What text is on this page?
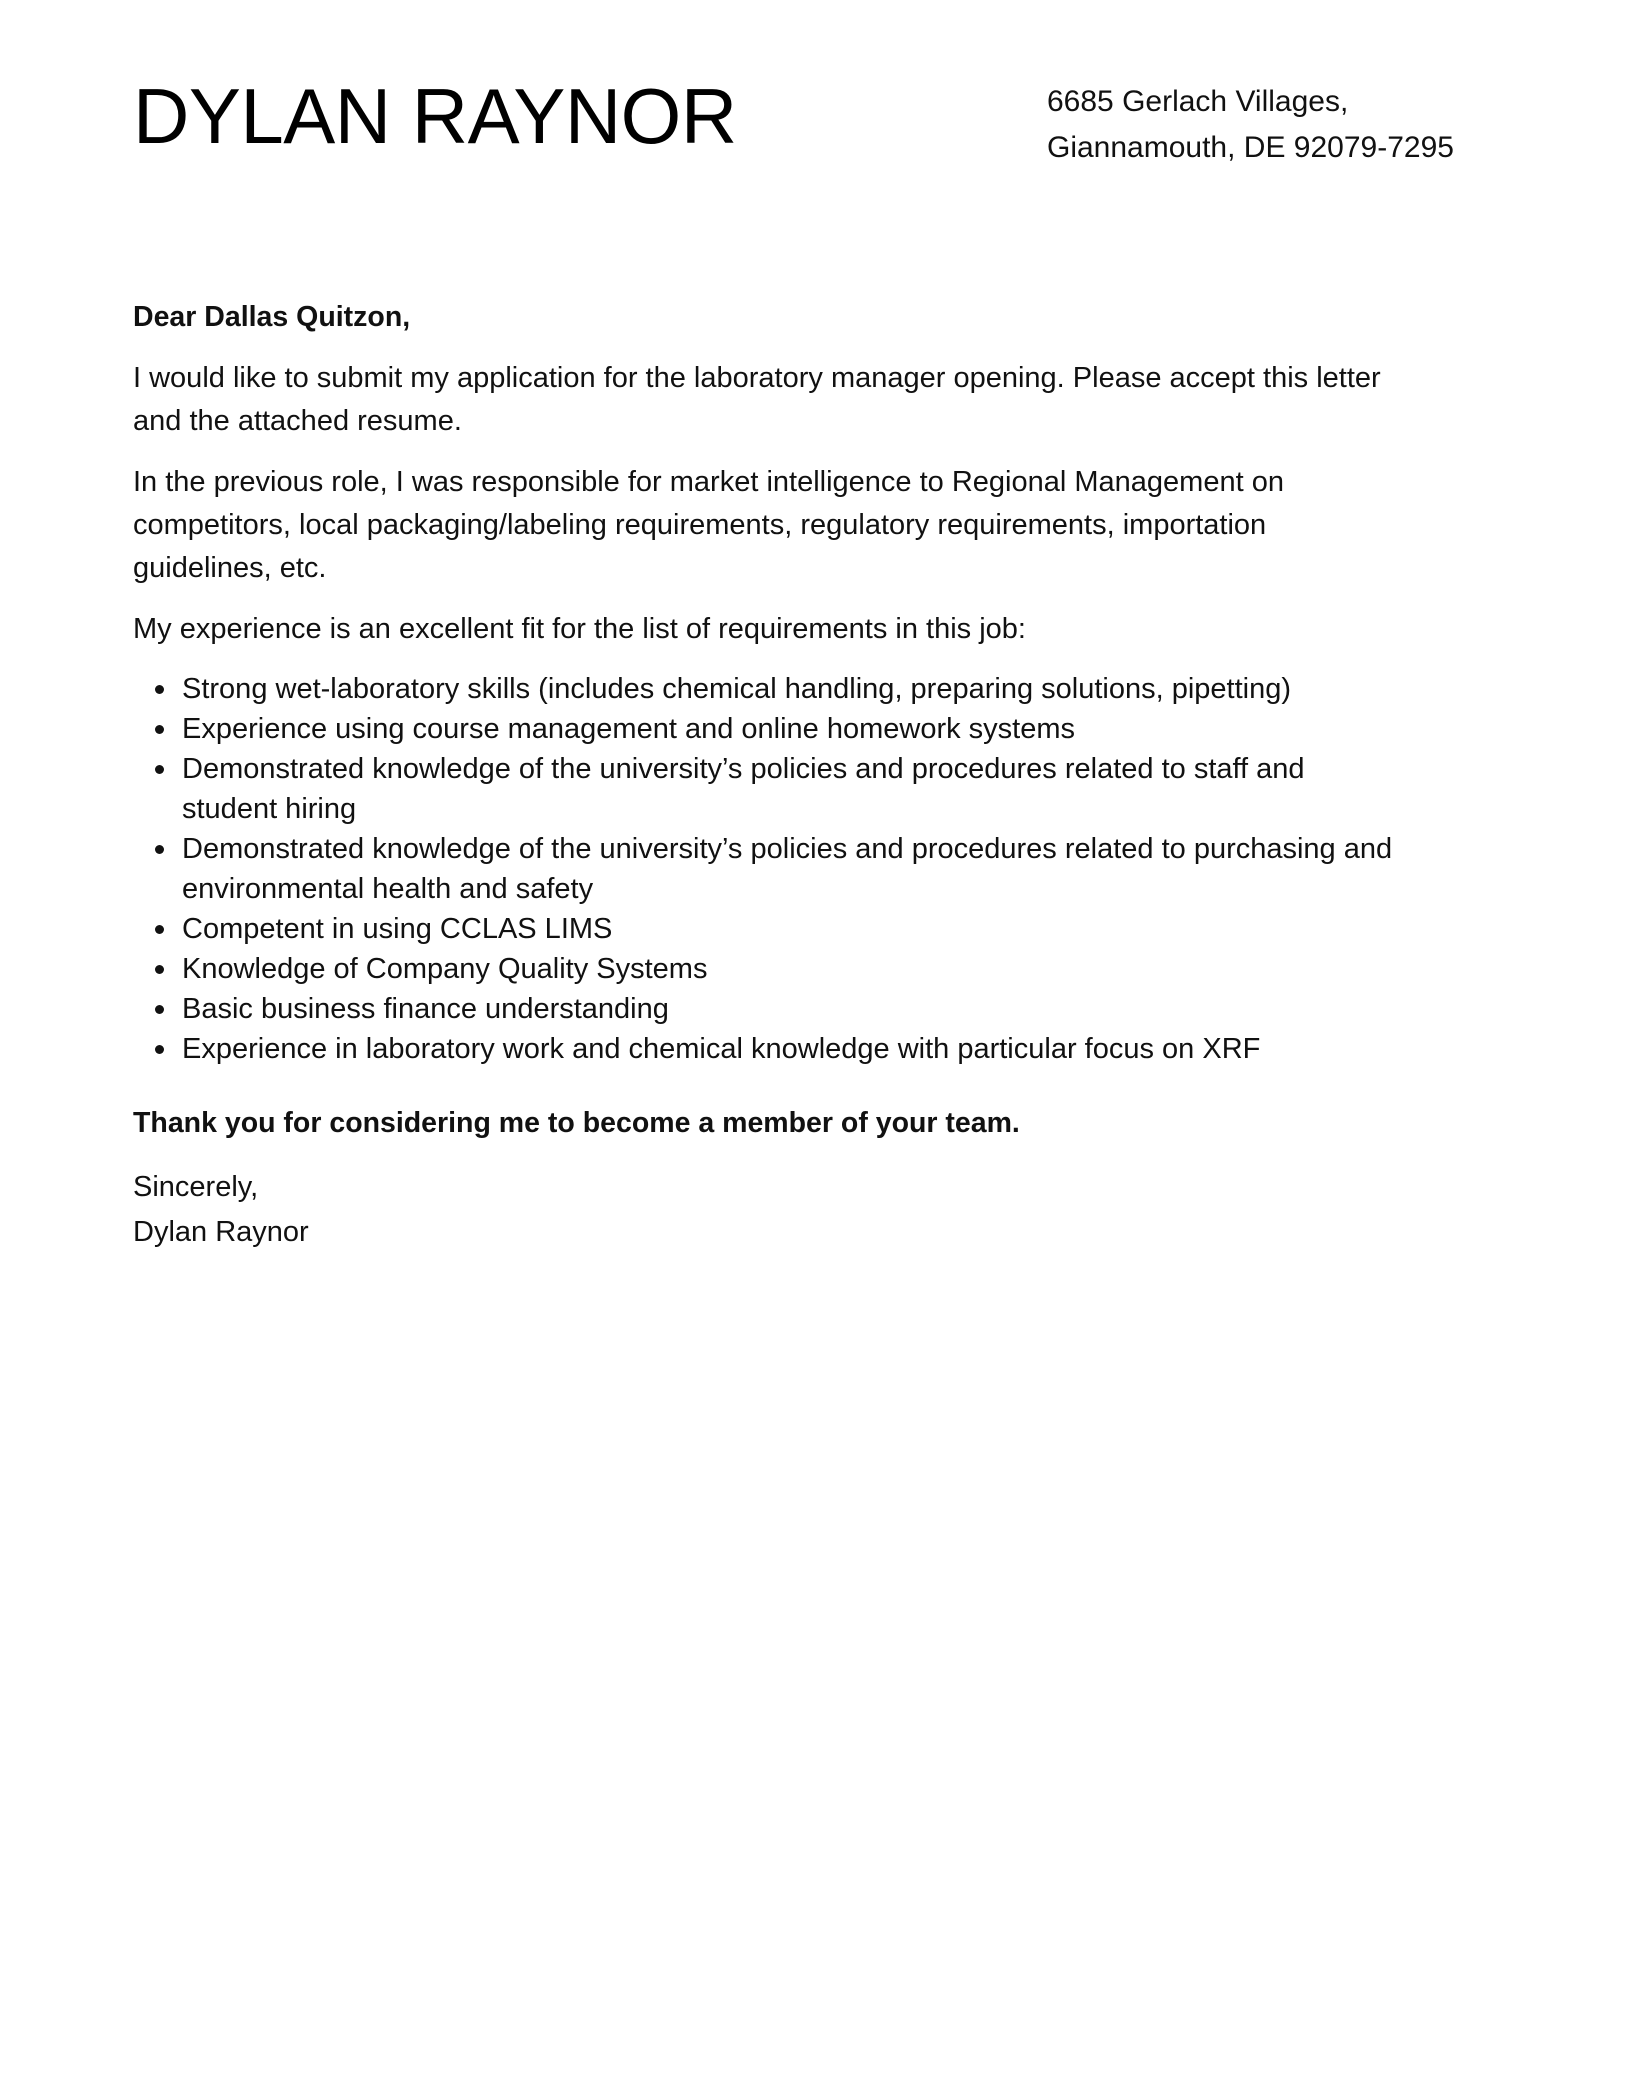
DYLAN RAYNOR	6685 Gerlach Villages,
Giannamouth, DE 92079-7295

Dear Dallas Quitzon,

I would like to submit my application for the laboratory manager opening. Please accept this letter
and the attached resume.

In the previous role, I was responsible for market intelligence to Regional Management on
competitors, local packaging/labeling requirements, regulatory requirements, importation
guidelines, etc.

My experience is an excellent fit for the list of requirements in this job:

Strong wet-laboratory skills (includes chemical handling, preparing solutions, pipetting)
Experience using course management and online homework systems
Demonstrated knowledge of the university’s policies and procedures related to staff and
student hiring
Demonstrated knowledge of the university’s policies and procedures related to purchasing and
environmental health and safety
Competent in using CCLAS LIMS
Knowledge of Company Quality Systems
Basic business finance understanding
Experience in laboratory work and chemical knowledge with particular focus on XRF

Thank you for considering me to become a member of your team.

Sincerely,
Dylan Raynor
